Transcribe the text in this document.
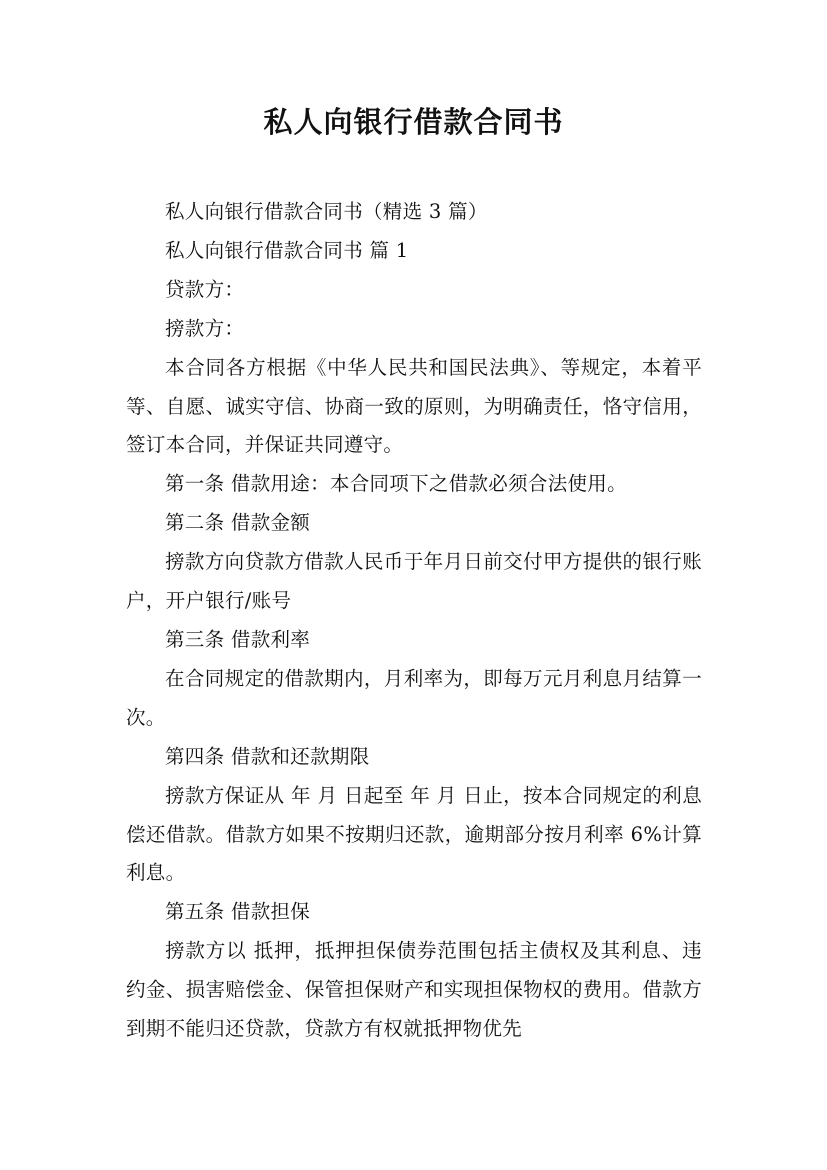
私人向银行借款合同书

私人向银行借款合同书（精选 3 篇）

私人向银行借款合同书 篇 1

贷款方：

搒款方：

本合同各方根据《中华人民共和国民法典》、等规定，本着平等、自愿、诚实守信、协商一致的原则，为明确责任，恪守信用，签订本合同，并保证共同遵守。

第一条 借款用途：本合同项下之借款必须合法使用。

第二条 借款金额

搒款方向贷款方借款人民币于年月日前交付甲方提供的银行账户，开户银行/账号

第三条 借款利率

在合同规定的借款期内，月利率为，即每万元月利息月结算一次。

第四条 借款和还款期限

搒款方保证从 年 月 日起至 年 月 日止，按本合同规定的利息偿还借款。借款方如果不按期归还款，逾期部分按月利率 6%计算利息。

第五条 借款担保

搒款方以 抵押，抵押担保债券范围包括主债权及其利息、违约金、损害赔偿金、保管担保财产和实现担保物权的费用。借款方到期不能归还贷款，贷款方有权就抵押物优先
